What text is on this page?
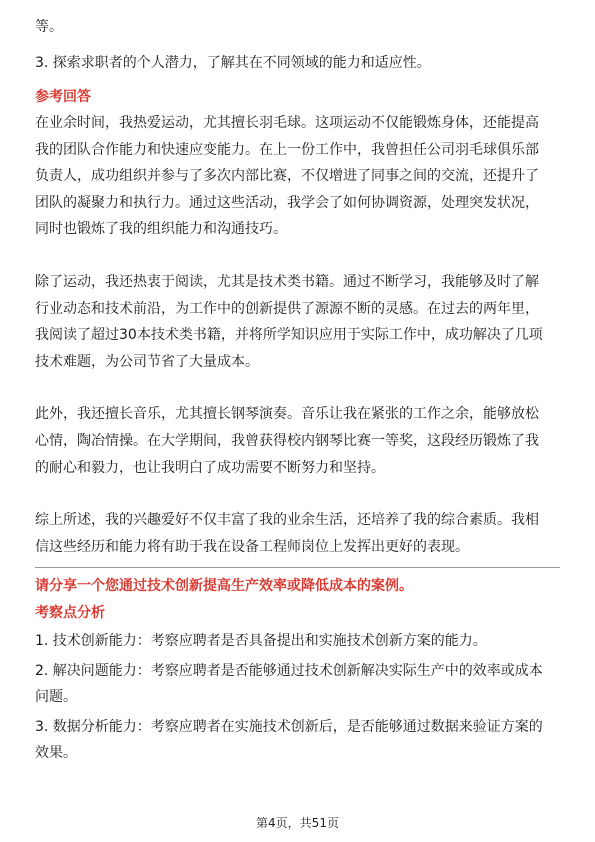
等。
3. 探索求职者的个人潜力，了解其在不同领域的能力和适应性。
参考回答
在业余时间，我热爱运动，尤其擅长羽毛球。这项运动不仅能锻炼身体，还能提高
我的团队合作能力和快速应变能力。在上一份工作中，我曾担任公司羽毛球俱乐部
负责人，成功组织并参与了多次内部比赛，不仅增进了同事之间的交流，还提升了
团队的凝聚力和执行力。通过这些活动，我学会了如何协调资源，处理突发状况，
同时也锻炼了我的组织能力和沟通技巧。
除了运动，我还热衷于阅读，尤其是技术类书籍。通过不断学习，我能够及时了解
行业动态和技术前沿，为工作中的创新提供了源源不断的灵感。在过去的两年里，
我阅读了超过30本技术类书籍，并将所学知识应用于实际工作中，成功解决了几项
技术难题，为公司节省了大量成本。
此外，我还擅长音乐，尤其擅长钢琴演奏。音乐让我在紧张的工作之余，能够放松
心情，陶冶情操。在大学期间，我曾获得校内钢琴比赛一等奖，这段经历锻炼了我
的耐心和毅力，也让我明白了成功需要不断努力和坚持。
综上所述，我的兴趣爱好不仅丰富了我的业余生活，还培养了我的综合素质。我相
信这些经历和能力将有助于我在设备工程师岗位上发挥出更好的表现。
请分享一个您通过技术创新提高生产效率或降低成本的案例。
考察点分析
1. 技术创新能力：考察应聘者是否具备提出和实施技术创新方案的能力。
2. 解决问题能力：考察应聘者是否能够通过技术创新解决实际生产中的效率或成本
问题。
3. 数据分析能力：考察应聘者在实施技术创新后，是否能够通过数据来验证方案的
效果。
第4页，共51页
